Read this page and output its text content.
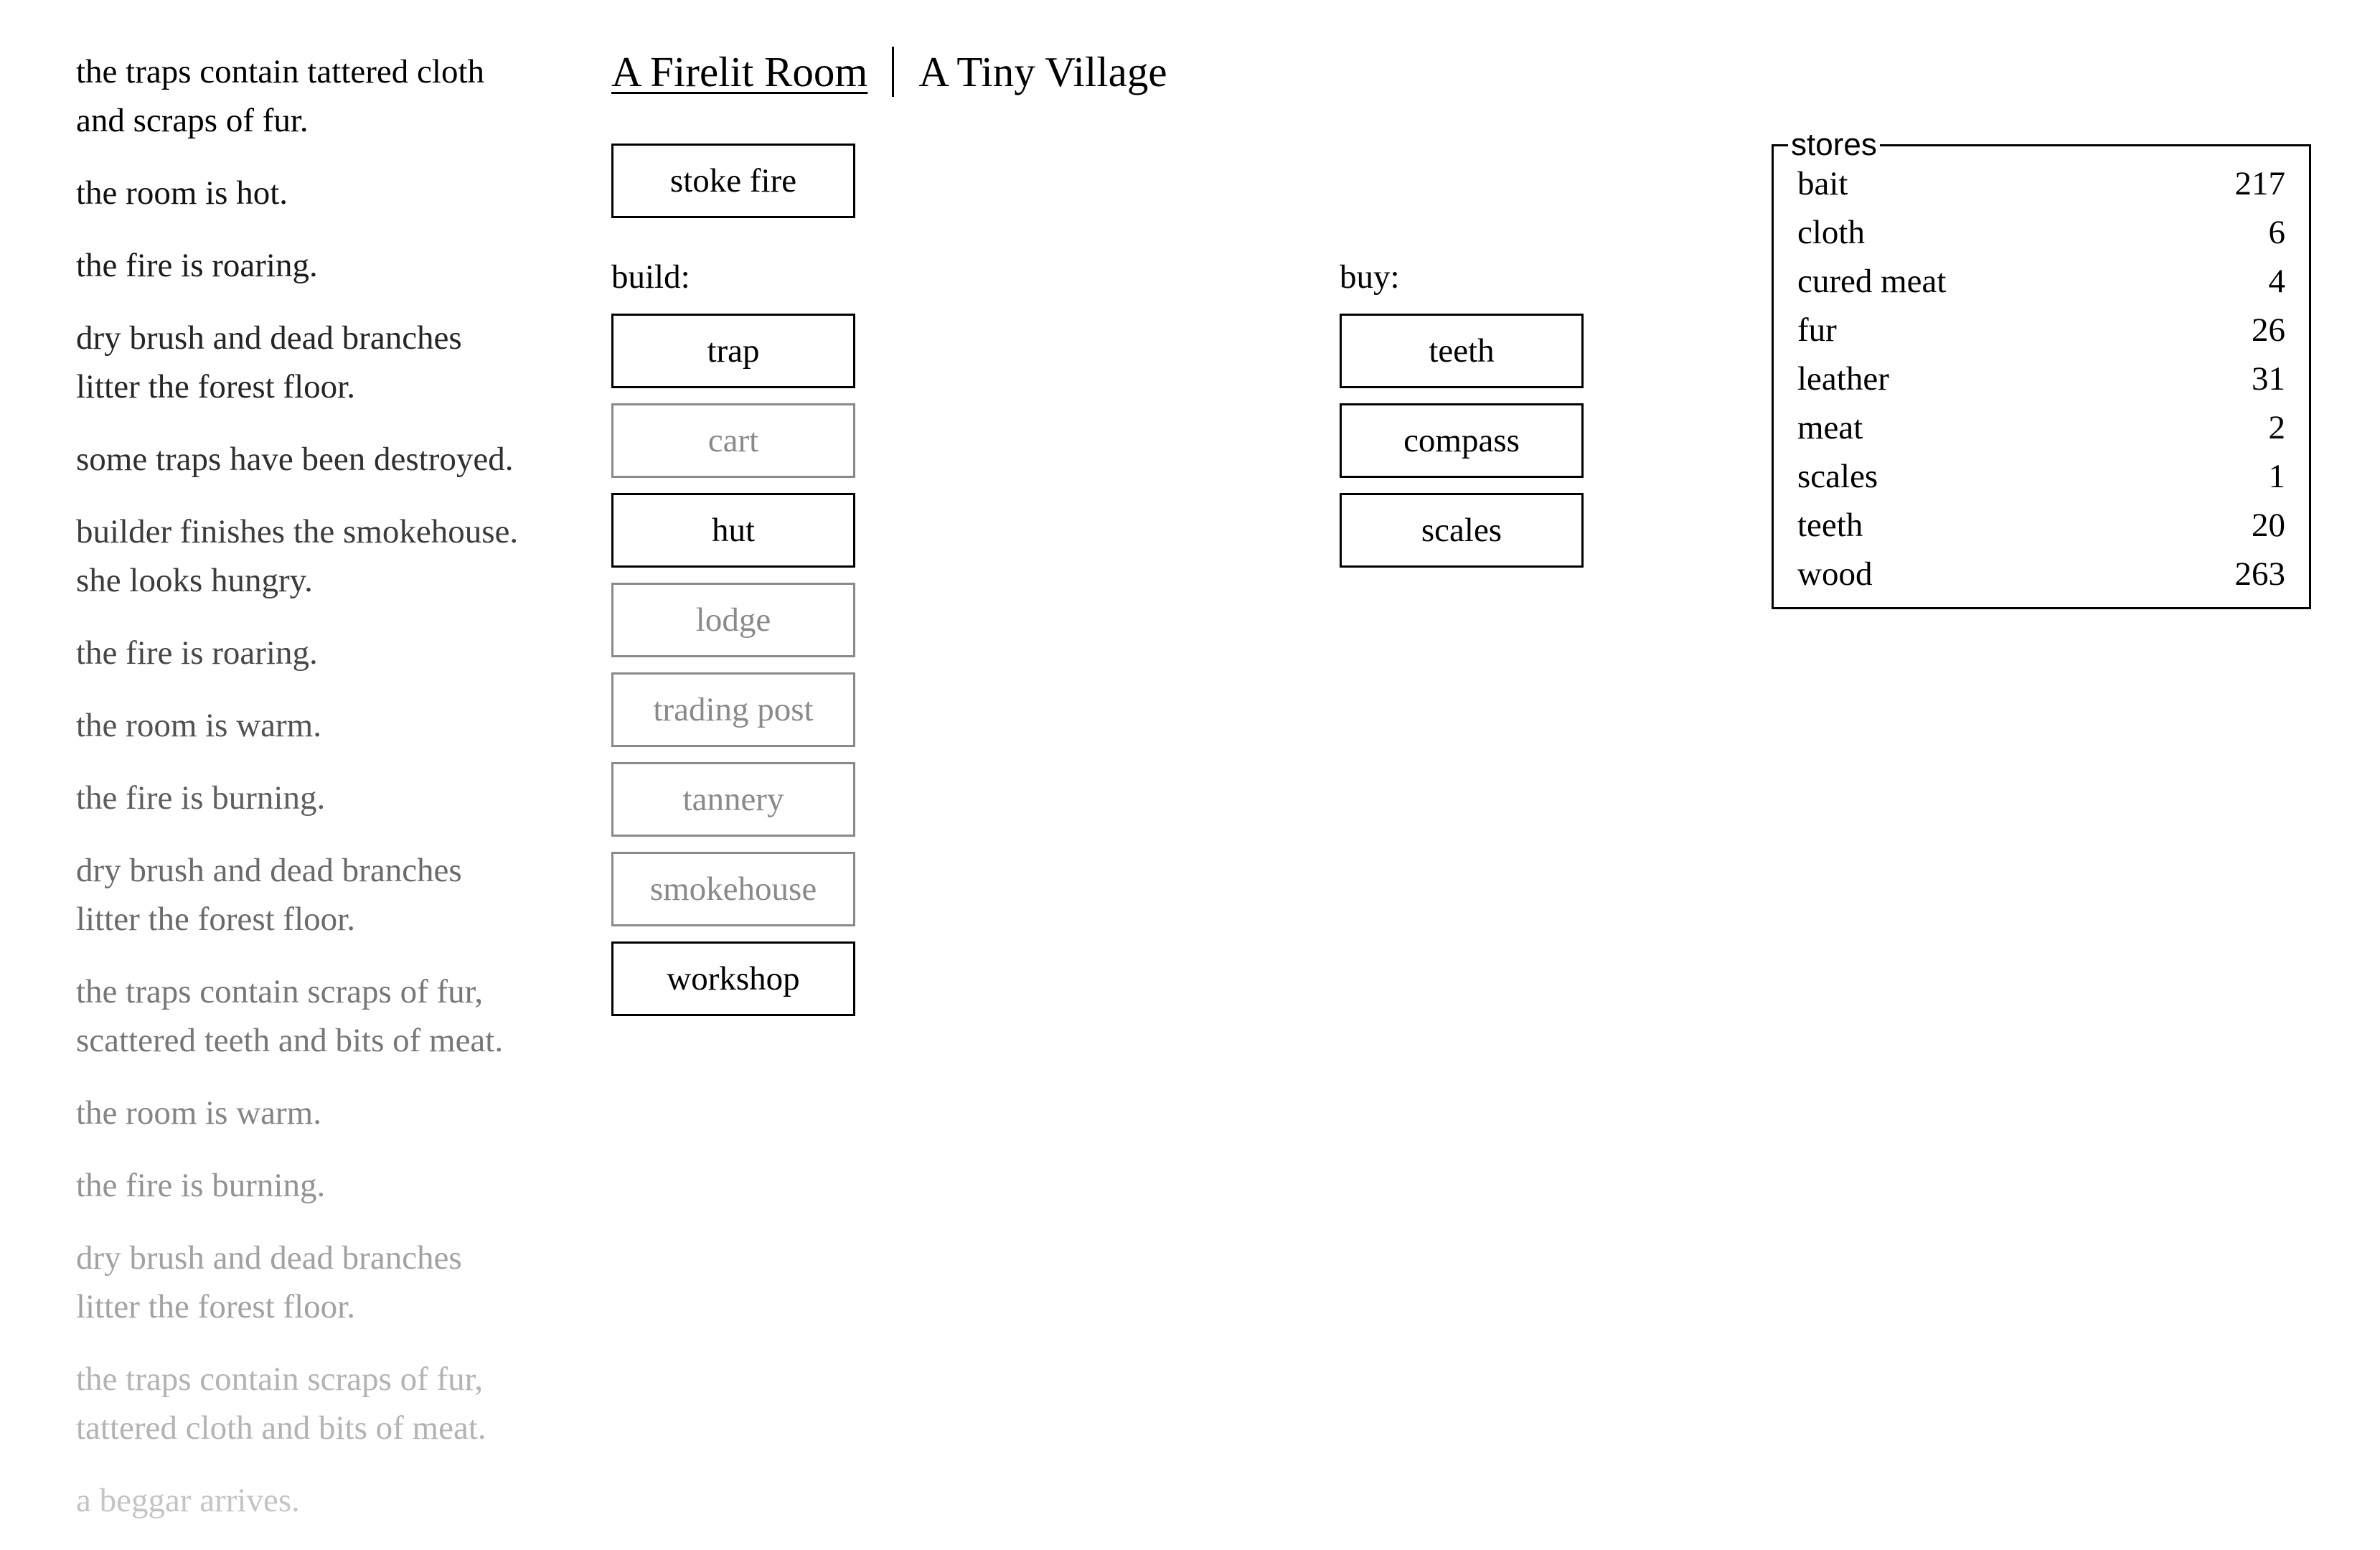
the traps contain tattered cloth
and scraps of fur.
the room is hot.
the fire is roaring.
dry brush and dead branches
litter the forest floor.
some traps have been destroyed.
builder finishes the smokehouse.
she looks hungry.
the fire is roaring.
the room is warm.
the fire is burning.
dry brush and dead branches
litter the forest floor.
the traps contain scraps of fur,
scattered teeth and bits of meat.
the room is warm.
the fire is burning.
dry brush and dead branches
litter the forest floor.
the traps contain scraps of fur,
tattered cloth and bits of meat.
a beggar arrives.
A Firelit Room A Tiny Village
stoke fire
build:
trap
cart
hut
lodge
trading post
tannery
smokehouse
workshop
buy:
teeth
compass
scales
stores
bait	217
cloth	6
cured meat	4
fur	26
leather	31
meat	2
scales	1
teeth	20
wood	263
